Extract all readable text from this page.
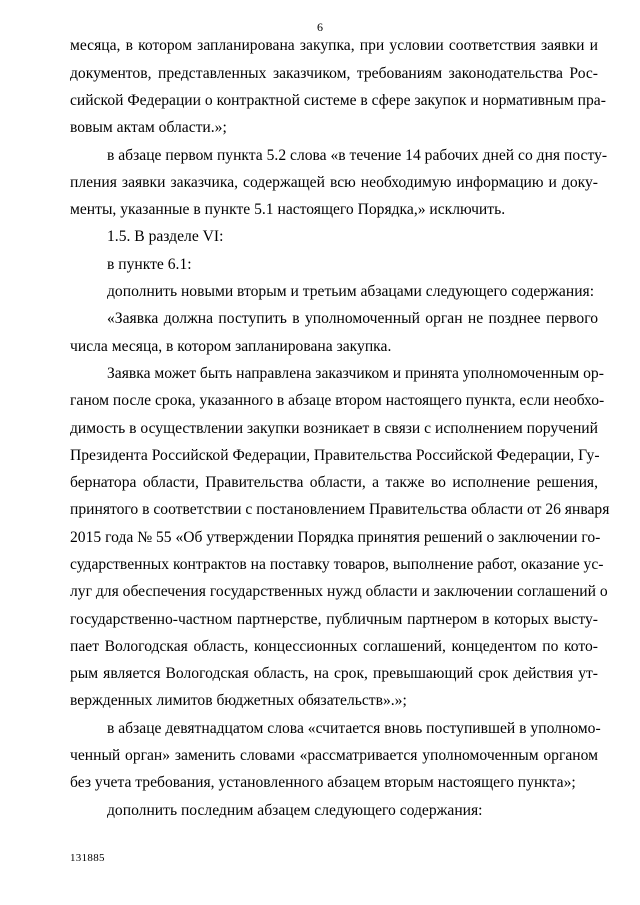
6
месяца, в котором запланирована закупка, при условии соответствия заявки и
документов, представленных заказчиком, требованиям законодательства Рос-
сийской Федерации о контрактной системе в сфере закупок и нормативным пра-
вовым актам области.»;
в абзаце первом пункта 5.2 слова «в течение 14 рабочих дней со дня посту-
пления заявки заказчика, содержащей всю необходимую информацию и доку-
менты, указанные в пункте 5.1 настоящего Порядка,» исключить.
1.5. В разделе VI:
в пункте 6.1:
дополнить новыми вторым и третьим абзацами следующего содержания:
«Заявка должна поступить в уполномоченный орган не позднее первого
числа месяца, в котором запланирована закупка.
Заявка может быть направлена заказчиком и принята уполномоченным ор-
ганом после срока, указанного в абзаце втором настоящего пункта, если необхо-
димость в осуществлении закупки возникает в связи с исполнением поручений
Президента Российской Федерации, Правительства Российской Федерации, Гу-
бернатора области, Правительства области, а также во исполнение решения,
принятого в соответствии с постановлением Правительства области от 26 января
2015 года № 55 «Об утверждении Порядка принятия решений о заключении го-
сударственных контрактов на поставку товаров, выполнение работ, оказание ус-
луг для обеспечения государственных нужд области и заключении соглашений о
государственно-частном партнерстве, публичным партнером в которых высту-
пает Вологодская область, концессионных соглашений, концедентом по кото-
рым является Вологодская область, на срок, превышающий срок действия ут-
вержденных лимитов бюджетных обязательств».»;
в абзаце девятнадцатом слова «считается вновь поступившей в уполномо-
ченный орган» заменить словами «рассматривается уполномоченным органом
без учета требования, установленного абзацем вторым настоящего пункта»;
дополнить последним абзацем следующего содержания:
131885
